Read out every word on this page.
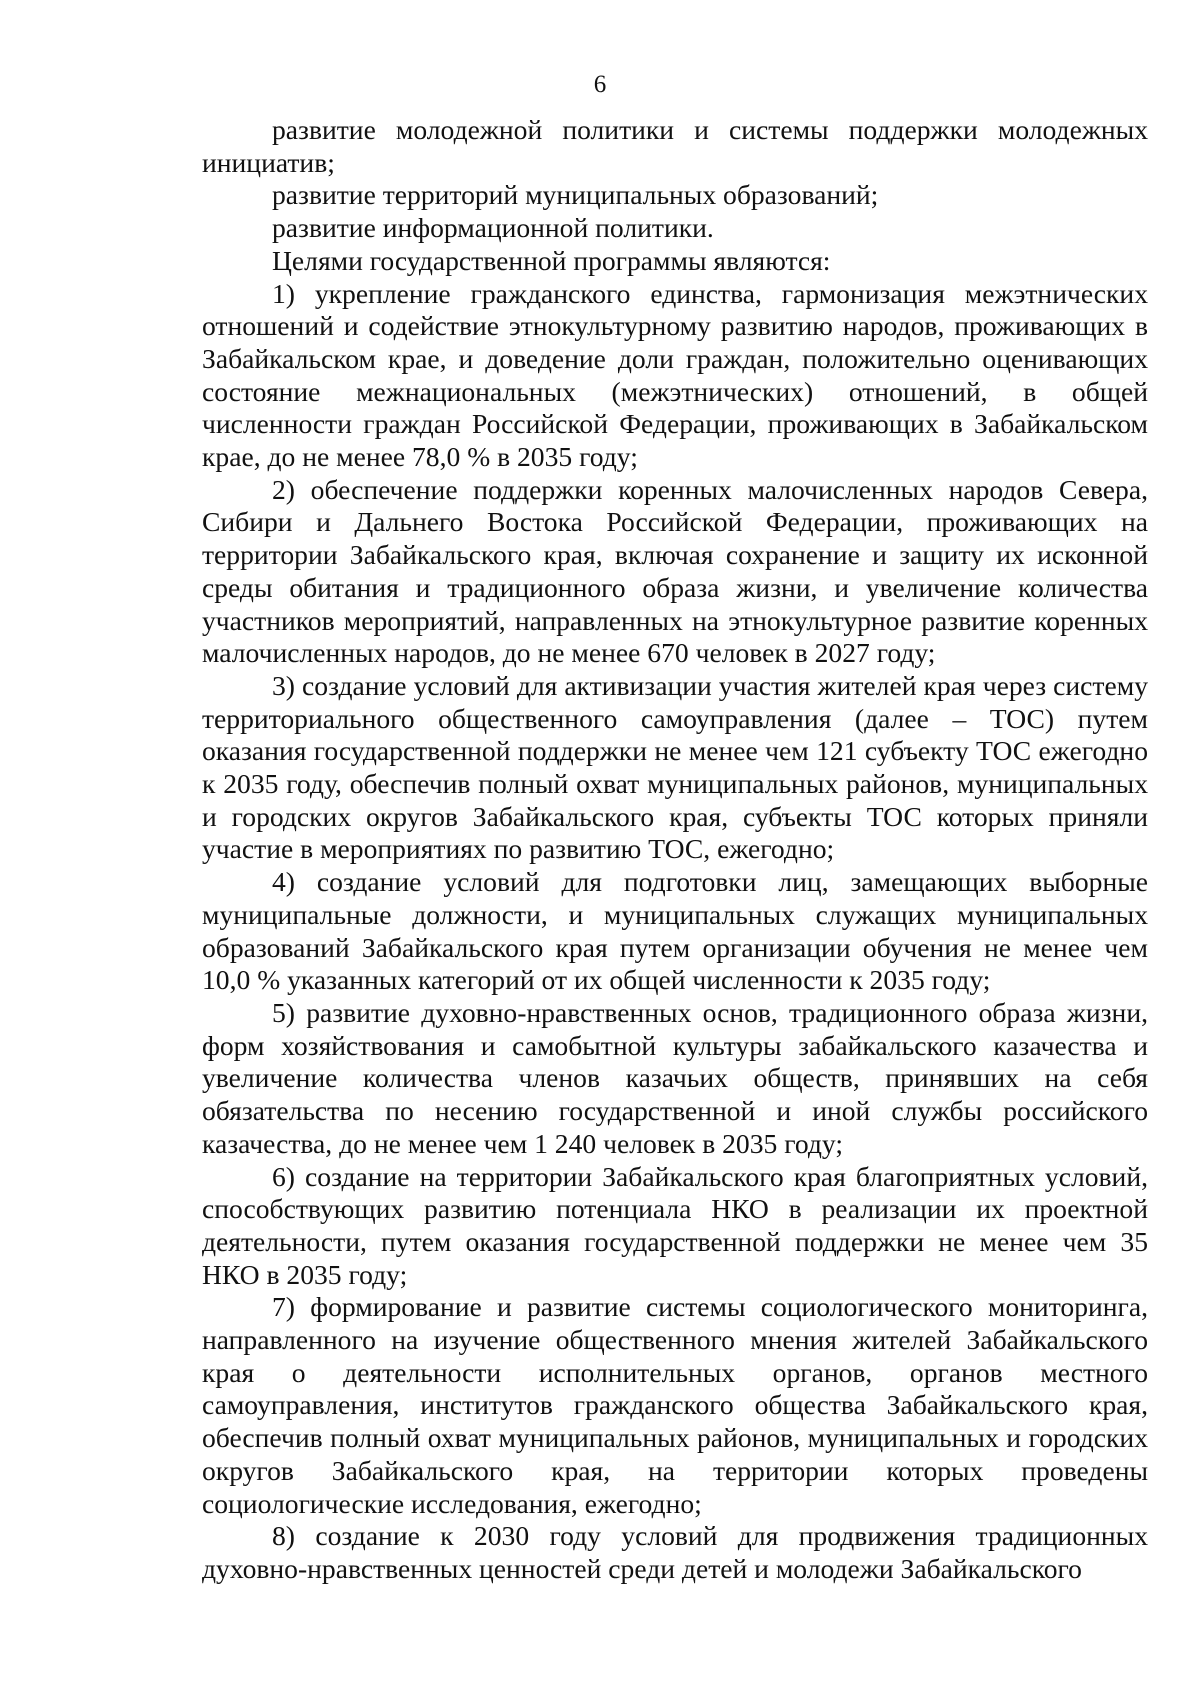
6

развитие молодежной политики и системы поддержки молодежных инициатив;

развитие территорий муниципальных образований;

развитие информационной политики.

Целями государственной программы являются:

1) укрепление гражданского единства, гармонизация межэтнических отношений и содействие этнокультурному развитию народов, проживающих в Забайкальском крае, и доведение доли граждан, положительно оценивающих состояние межнациональных (межэтнических) отношений, в общей численности граждан Российской Федерации, проживающих в Забайкальском крае, до не менее 78,0 % в 2035 году;

2) обеспечение поддержки коренных малочисленных народов Севера, Сибири и Дальнего Востока Российской Федерации, проживающих на территории Забайкальского края, включая сохранение и защиту их исконной среды обитания и традиционного образа жизни, и увеличение количества участников мероприятий, направленных на этнокультурное развитие коренных малочисленных народов, до не менее 670 человек в 2027 году;

3) создание условий для активизации участия жителей края через систему территориального общественного самоуправления (далее – ТОС) путем оказания государственной поддержки не менее чем 121 субъекту ТОС ежегодно к 2035 году, обеспечив полный охват муниципальных районов, муниципальных и городских округов Забайкальского края, субъекты ТОС которых приняли участие в мероприятиях по развитию ТОС, ежегодно;

4) создание условий для подготовки лиц, замещающих выборные муниципальные должности, и муниципальных служащих муниципальных образований Забайкальского края путем организации обучения не менее чем 10,0 % указанных категорий от их общей численности к 2035 году;

5) развитие духовно-нравственных основ, традиционного образа жизни, форм хозяйствования и самобытной культуры забайкальского казачества и увеличение количества членов казачьих обществ, принявших на себя обязательства по несению государственной и иной службы российского казачества, до не менее чем 1 240 человек в 2035 году;

6) создание на территории Забайкальского края благоприятных условий, способствующих развитию потенциала НКО в реализации их проектной деятельности, путем оказания государственной поддержки не менее чем 35 НКО в 2035 году;

7) формирование и развитие системы социологического мониторинга, направленного на изучение общественного мнения жителей Забайкальского края о деятельности исполнительных органов, органов местного самоуправления, институтов гражданского общества Забайкальского края, обеспечив полный охват муниципальных районов, муниципальных и городских округов Забайкальского края, на территории которых проведены социологические исследования, ежегодно;

8) создание к 2030 году условий для продвижения традиционных духовно-нравственных ценностей среди детей и молодежи Забайкальского
